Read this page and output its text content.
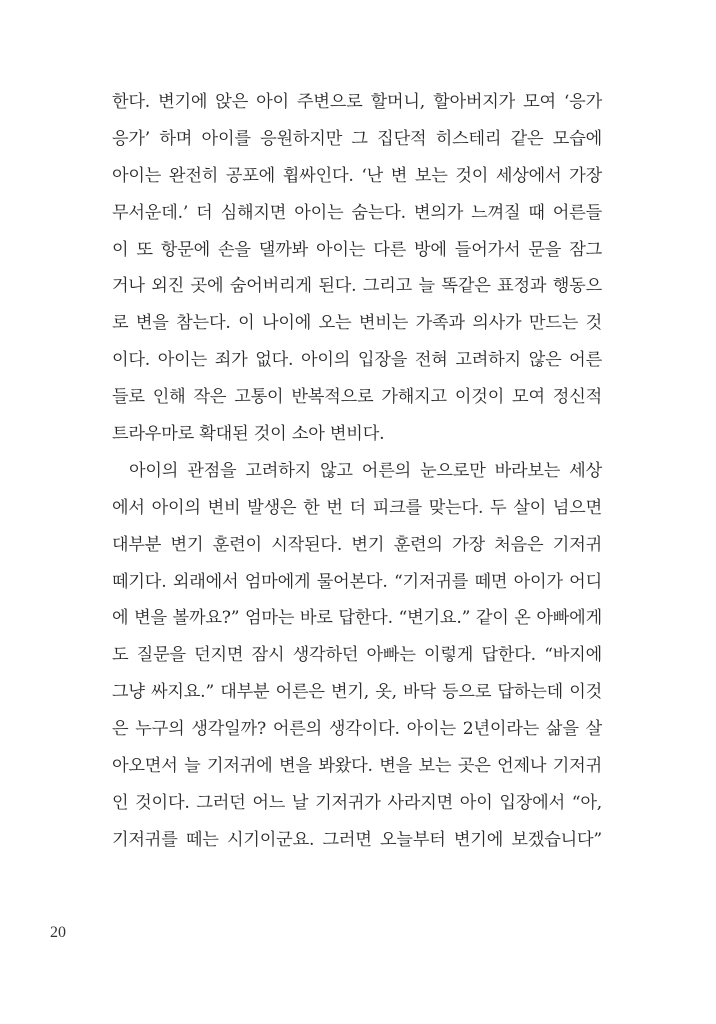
한다. 변기에 앉은 아이 주변으로 할머니, 할아버지가 모여 ‘응가
응가’ 하며 아이를 응원하지만 그 집단적 히스테리 같은 모습에
아이는 완전히 공포에 휩싸인다. ‘난 변 보는 것이 세상에서 가장
무서운데.’ 더 심해지면 아이는 숨는다. 변의가 느껴질 때 어른들
이 또 항문에 손을 댈까봐 아이는 다른 방에 들어가서 문을 잠그
거나 외진 곳에 숨어버리게 된다. 그리고 늘 똑같은 표정과 행동으
로 변을 참는다. 이 나이에 오는 변비는 가족과 의사가 만드는 것
이다. 아이는 죄가 없다. 아이의 입장을 전혀 고려하지 않은 어른
들로 인해 작은 고통이 반복적으로 가해지고 이것이 모여 정신적
트라우마로 확대된 것이 소아 변비다.
아이의 관점을 고려하지 않고 어른의 눈으로만 바라보는 세상
에서 아이의 변비 발생은 한 번 더 피크를 맞는다. 두 살이 넘으면
대부분 변기 훈련이 시작된다. 변기 훈련의 가장 처음은 기저귀
떼기다. 외래에서 엄마에게 물어본다. “기저귀를 떼면 아이가 어디
에 변을 볼까요?” 엄마는 바로 답한다. “변기요.” 같이 온 아빠에게
도 질문을 던지면 잠시 생각하던 아빠는 이렇게 답한다. “바지에
그냥 싸지요.” 대부분 어른은 변기, 옷, 바닥 등으로 답하는데 이것
은 누구의 생각일까? 어른의 생각이다. 아이는 2년이라는 삶을 살
아오면서 늘 기저귀에 변을 봐왔다. 변을 보는 곳은 언제나 기저귀
인 것이다. 그러던 어느 날 기저귀가 사라지면 아이 입장에서 “아,
기저귀를 떼는 시기이군요. 그러면 오늘부터 변기에 보겠습니다”
20
